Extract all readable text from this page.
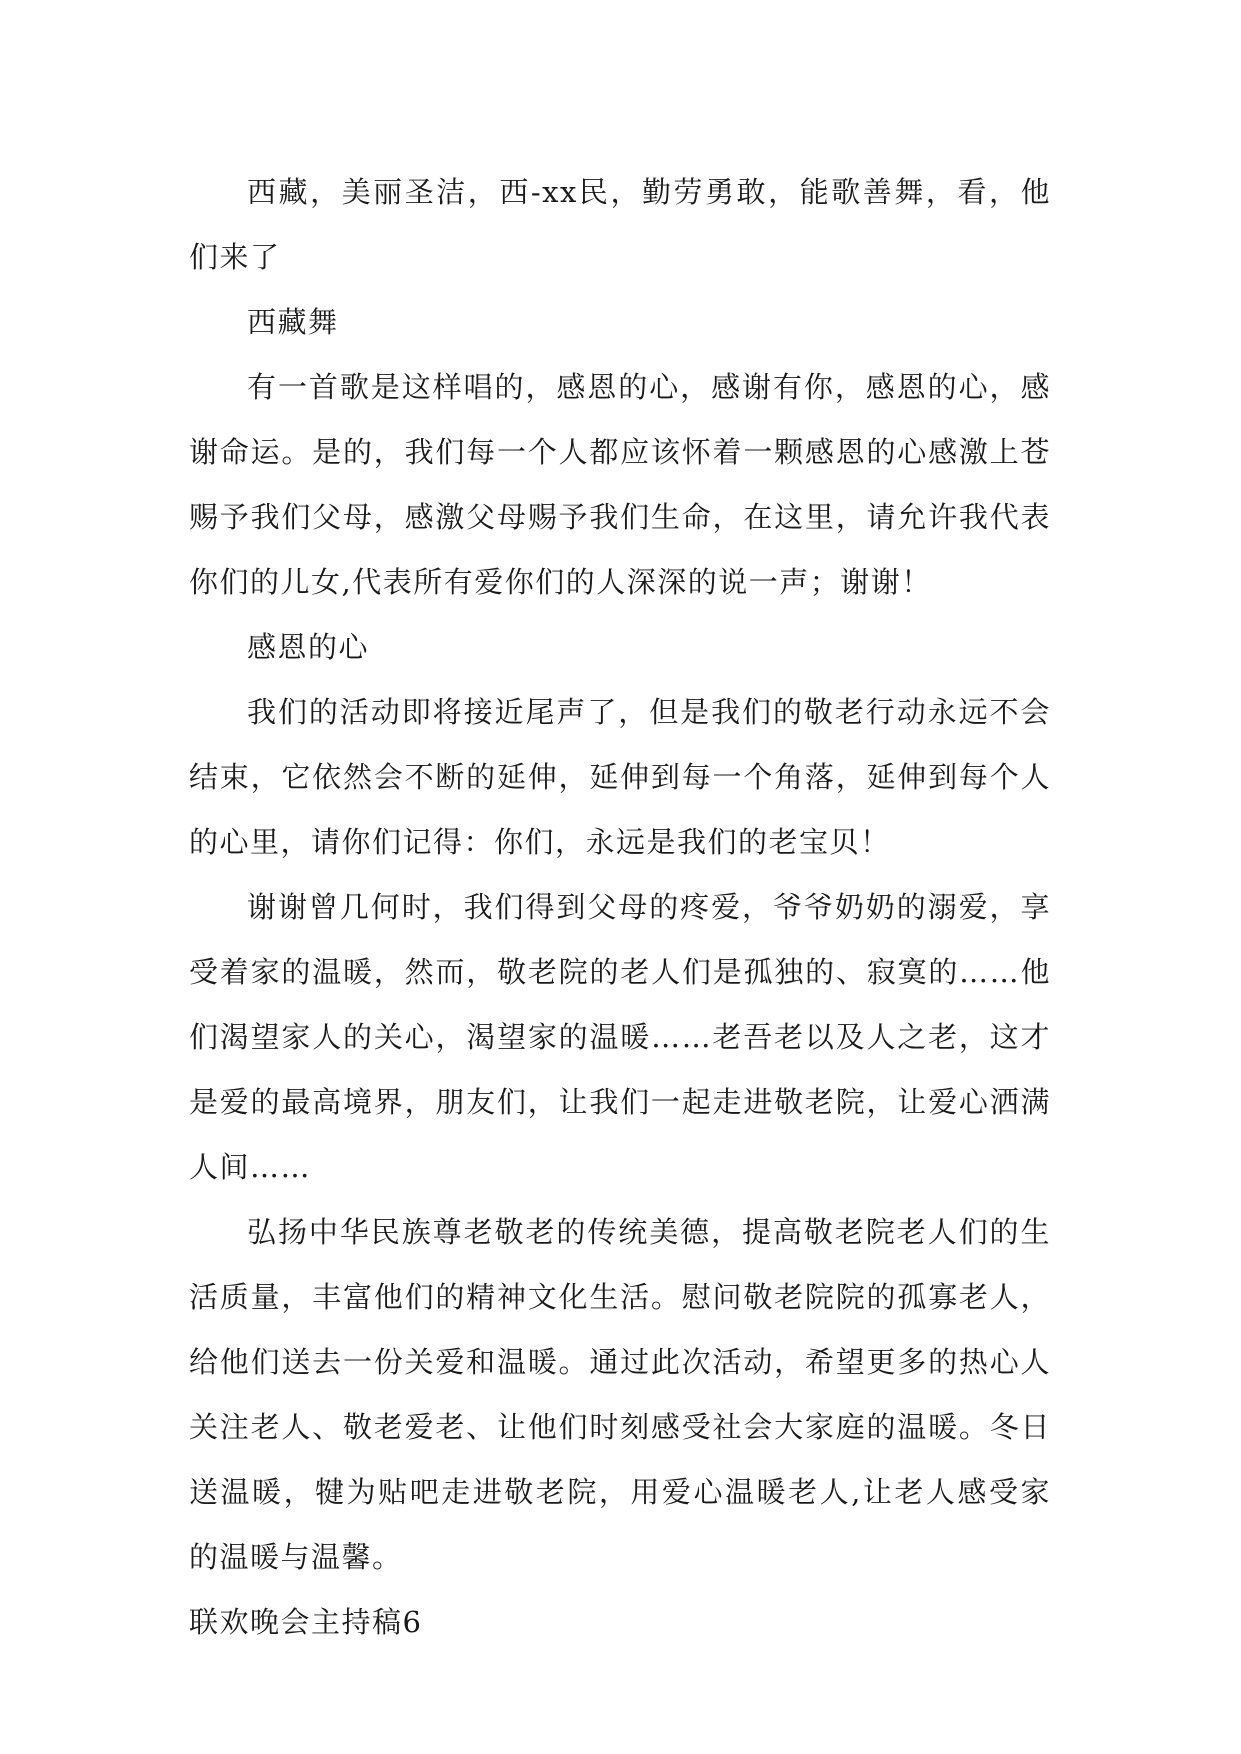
西藏，美丽圣洁，西-xx民，勤劳勇敢，能歌善舞，看，他们来了

西藏舞

有一首歌是这样唱的，感恩的心，感谢有你，感恩的心，感谢命运。是的，我们每一个人都应该怀着一颗感恩的心感激上苍赐予我们父母，感激父母赐予我们生命，在这里，请允许我代表你们的儿女,代表所有爱你们的人深深的说一声；谢谢！

感恩的心

我们的活动即将接近尾声了，但是我们的敬老行动永远不会结束，它依然会不断的延伸，延伸到每一个角落，延伸到每个人的心里，请你们记得：你们，永远是我们的老宝贝！

谢谢曾几何时，我们得到父母的疼爱，爷爷奶奶的溺爱，享受着家的温暖，然而，敬老院的老人们是孤独的、寂寞的……他们渴望家人的关心，渴望家的温暖……老吾老以及人之老，这才是爱的最高境界，朋友们，让我们一起走进敬老院，让爱心洒满人间……

弘扬中华民族尊老敬老的传统美德，提高敬老院老人们的生活质量，丰富他们的精神文化生活。慰问敬老院院的孤寡老人，给他们送去一份关爱和温暖。通过此次活动，希望更多的热心人关注老人、敬老爱老、让他们时刻感受社会大家庭的温暖。冬日送温暖，犍为贴吧走进敬老院，用爱心温暖老人,让老人感受家的温暖与温馨。

联欢晚会主持稿6
